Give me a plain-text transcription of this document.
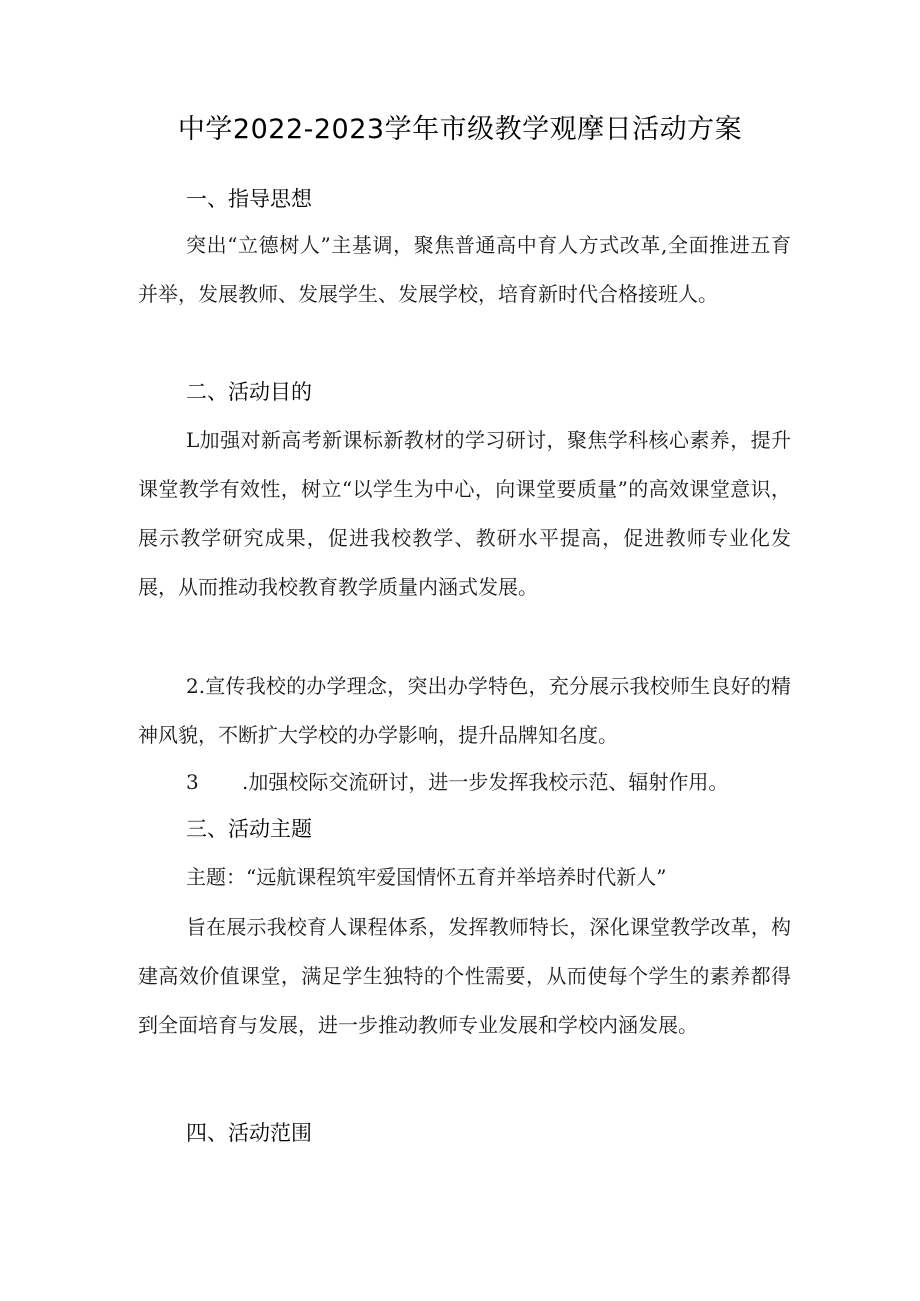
中学2022-2023学年市级教学观摩日活动方案
一、指导思想
突出“立德树人”主基调，聚焦普通高中育人方式改革,全面推进五育并举，发展教师、发展学生、发展学校，培育新时代合格接班人。
二、活动目的
L加强对新高考新课标新教材的学习研讨，聚焦学科核心素养，提升课堂教学有效性，树立“以学生为中心，向课堂要质量”的高效课堂意识，展示教学研究成果，促进我校教学、教研水平提高，促进教师专业化发展，从而推动我校教育教学质量内涵式发展。
2.宣传我校的办学理念，突出办学特色，充分展示我校师生良好的精神风貌，不断扩大学校的办学影响，提升品牌知名度。
3 .加强校际交流研讨，进一步发挥我校示范、辐射作用。
三、活动主题
主题：“远航课程筑牢爱国情怀五育并举培养时代新人”
旨在展示我校育人课程体系，发挥教师特长，深化课堂教学改革，构建高效价值课堂，满足学生独特的个性需要，从而使每个学生的素养都得到全面培育与发展，进一步推动教师专业发展和学校内涵发展。
四、活动范围
